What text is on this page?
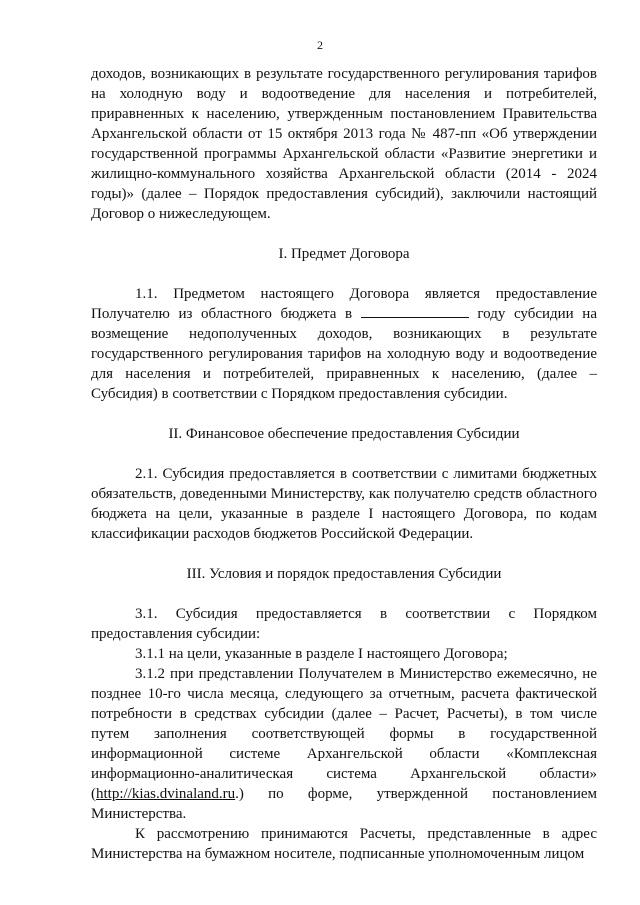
2

доходов, возникающих в результате государственного регулирования тарифов на холодную воду и водоотведение для населения и потребителей, приравненных к населению, утвержденным постановлением Правительства Архангельской области от 15 октября 2013 года № 487-пп «Об утверждении государственной программы Архангельской области «Развитие энергетики и жилищно-коммунального хозяйства Архангельской области (2014 - 2024 годы)» (далее – Порядок предоставления субсидий), заключили настоящий Договор о нижеследующем.

I. Предмет Договора

1.1. Предметом настоящего Договора является предоставление Получателю из областного бюджета в	году субсидии на возмещение недополученных доходов, возникающих в результате государственного регулирования тарифов на холодную воду и водоотведение для населения и потребителей, приравненных к населению, (далее – Субсидия) в соответствии с Порядком предоставления субсидии.

II. Финансовое обеспечение предоставления Субсидии

2.1. Субсидия предоставляется в соответствии с лимитами бюджетных обязательств, доведенными Министерству, как получателю средств областного бюджета на цели, указанные в разделе I настоящего Договора, по кодам классификации расходов бюджетов Российской Федерации.

III. Условия и порядок предоставления Субсидии

3.1. Субсидия предоставляется в соответствии с Порядком предоставления субсидии:

3.1.1 на цели, указанные в разделе I настоящего Договора;

3.1.2 при представлении Получателем в Министерство ежемесячно, не позднее 10-го числа месяца, следующего за отчетным, расчета фактической потребности в средствах субсидии (далее – Расчет, Расчеты), в том числе путем заполнения соответствующей формы в государственной информационной системе Архангельской области «Комплексная информационно-аналитическая система Архангельской области» (http://kias.dvinaland.ru.) по форме, утвержденной постановлением Министерства.

К рассмотрению принимаются Расчеты, представленные в адрес Министерства на бумажном носителе, подписанные уполномоченным лицом
